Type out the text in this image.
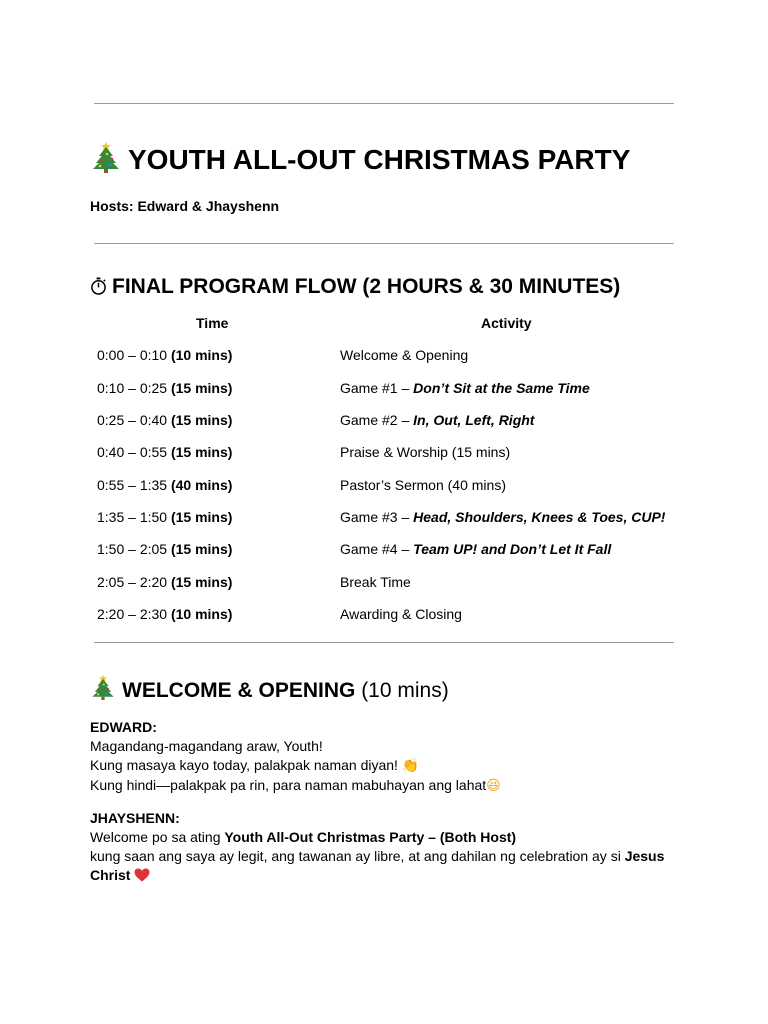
YOUTH ALL-OUT CHRISTMAS PARTY
Hosts: Edward & Jhayshenn
FINAL PROGRAM FLOW (2 HOURS & 30 MINUTES)
Time	Activity
0:00 – 0:10 (10 mins)	Welcome & Opening
0:10 – 0:25 (15 mins)	Game #1 – Don’t Sit at the Same Time
0:25 – 0:40 (15 mins)	Game #2 – In, Out, Left, Right
0:40 – 0:55 (15 mins)	Praise & Worship (15 mins)
0:55 – 1:35 (40 mins)	Pastor’s Sermon (40 mins)
1:35 – 1:50 (15 mins)	Game #3 – Head, Shoulders, Knees & Toes, CUP!
1:50 – 2:05 (15 mins)	Game #4 – Team UP! and Don’t Let It Fall
2:05 – 2:20 (15 mins)	Break Time
2:20 – 2:30 (10 mins)	Awarding & Closing
WELCOME & OPENING (10 mins)
EDWARD:
Magandang-magandang araw, Youth!
Kung masaya kayo today, palakpak naman diyan! 👏
Kung hindi—palakpak pa rin, para naman mabuhayan ang lahat😆
JHAYSHENN:
Welcome po sa ating Youth All-Out Christmas Party – (Both Host)
kung saan ang saya ay legit, ang tawanan ay libre, at ang dahilan ng celebration ay si Jesus
Christ
